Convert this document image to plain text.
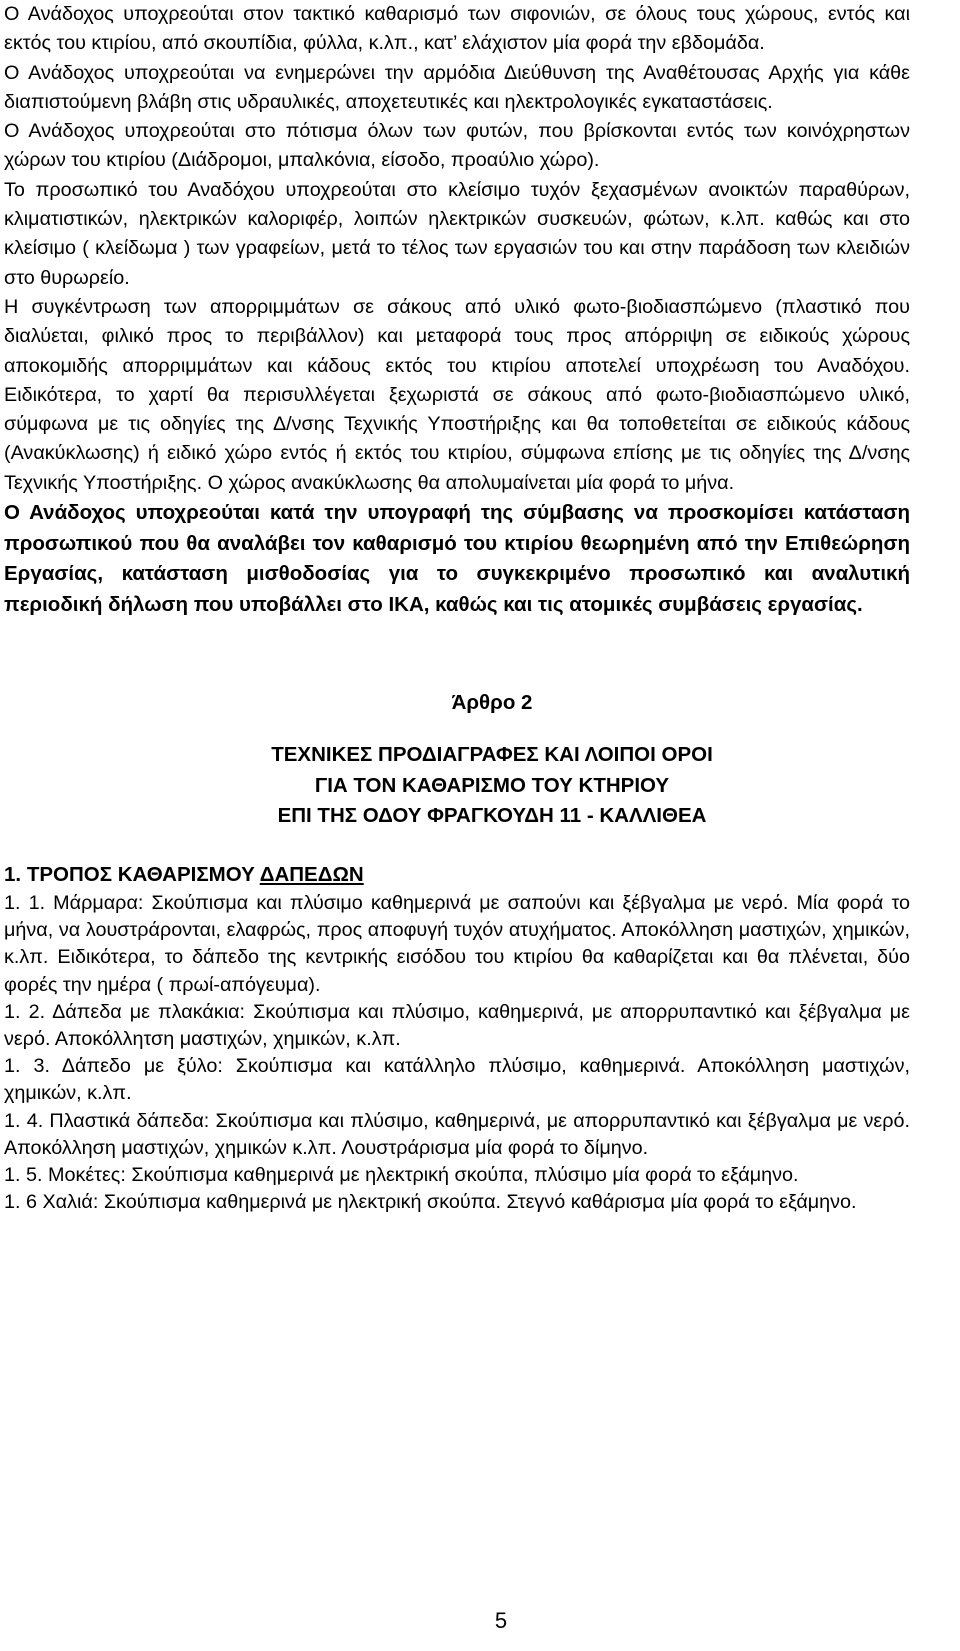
Ο Ανάδοχος υποχρεούται στον τακτικό καθαρισμό των σιφονιών, σε όλους τους χώρους, εντός και εκτός του κτιρίου, από σκουπίδια, φύλλα, κ.λπ., κατ’ ελάχιστον μία φορά την εβδομάδα.

Ο Ανάδοχος υποχρεούται να ενημερώνει την αρμόδια Διεύθυνση της Αναθέτουσας Αρχής για κάθε διαπιστούμενη βλάβη στις υδραυλικές, αποχετευτικές και ηλεκτρολογικές εγκαταστάσεις.

Ο Ανάδοχος υποχρεούται στο πότισμα όλων των φυτών, που βρίσκονται εντός των κοινόχρηστων χώρων του κτιρίου (Διάδρομοι, μπαλκόνια, είσοδο, προαύλιο χώρο).

Το προσωπικό του Αναδόχου υποχρεούται στο κλείσιμο τυχόν ξεχασμένων ανοικτών παραθύρων, κλιματιστικών, ηλεκτρικών καλοριφέρ, λοιπών ηλεκτρικών συσκευών, φώτων, κ.λπ. καθώς και στο κλείσιμο ( κλείδωμα ) των γραφείων, μετά το τέλος των εργασιών του και στην παράδοση των κλειδιών στο θυρωρείο.

Η συγκέντρωση των απορριμμάτων σε σάκους από υλικό φωτο-βιοδιασπώμενο (πλαστικό που διαλύεται, φιλικό προς το περιβάλλον) και μεταφορά τους προς απόρριψη σε ειδικούς χώρους αποκομιδής απορριμμάτων και κάδους εκτός του κτιρίου αποτελεί υποχρέωση του Αναδόχου. Ειδικότερα, το χαρτί θα περισυλλέγεται ξεχωριστά σε σάκους από φωτο-βιοδιασπώμενο υλικό, σύμφωνα με τις οδηγίες της Δ/νσης Τεχνικής Υποστήριξης και θα τοποθετείται σε ειδικούς κάδους (Ανακύκλωσης) ή ειδικό χώρο εντός ή εκτός του κτιρίου, σύμφωνα επίσης με τις οδηγίες της Δ/νσης Τεχνικής Υποστήριξης. Ο χώρος ανακύκλωσης θα απολυμαίνεται μία φορά το μήνα.

Ο Ανάδοχος υποχρεούται κατά την υπογραφή της σύμβασης να προσκομίσει κατάσταση προσωπικού που θα αναλάβει τον καθαρισμό του κτιρίου θεωρημένη από την Επιθεώρηση Εργασίας, κατάσταση μισθοδοσίας για το συγκεκριμένο προσωπικό και αναλυτική περιοδική δήλωση που υποβάλλει στο ΙΚΑ, καθώς και τις ατομικές συμβάσεις εργασίας.

Άρθρο 2

ΤΕΧΝΙΚΕΣ ΠΡΟΔΙΑΓΡΑΦΕΣ ΚΑΙ ΛΟΙΠΟΙ ΟΡΟΙ

ΓΙΑ ΤΟΝ ΚΑΘΑΡΙΣΜΟ ΤΟΥ ΚΤΗΡΙΟΥ

ΕΠΙ ΤΗΣ ΟΔΟΥ ΦΡΑΓΚΟΥΔΗ 11 - ΚΑΛΛΙΘΕΑ

1. ΤΡΟΠΟΣ ΚΑΘΑΡΙΣΜΟΥ ΔΑΠΕΔΩΝ

1. 1. Μάρμαρα: Σκούπισμα και πλύσιμο καθημερινά με σαπούνι και ξέβγαλμα με νερό. Μία φορά το μήνα, να λουστράρονται, ελαφρώς, προς αποφυγή τυχόν ατυχήματος. Αποκόλληση μαστιχών, χημικών, κ.λπ. Ειδικότερα, το δάπεδο της κεντρικής εισόδου του κτιρίου θα καθαρίζεται και θα πλένεται, δύο φορές την ημέρα ( πρωί-απόγευμα).

1. 2. Δάπεδα με πλακάκια: Σκούπισμα και πλύσιμο, καθημερινά, με απορρυπαντικό και ξέβγαλμα με νερό. Αποκόλλητση μαστιχών, χημικών, κ.λπ.

1. 3. Δάπεδο με ξύλο: Σκούπισμα και κατάλληλο πλύσιμο, καθημερινά. Αποκόλληση μαστιχών, χημικών, κ.λπ.

1. 4. Πλαστικά δάπεδα: Σκούπισμα και πλύσιμο, καθημερινά, με απορρυπαντικό και ξέβγαλμα με νερό. Αποκόλληση μαστιχών, χημικών κ.λπ. Λουστράρισμα μία φορά το δίμηνο.

1. 5. Μοκέτες: Σκούπισμα καθημερινά με ηλεκτρική σκούπα, πλύσιμο μία φορά το εξάμηνο.

1. 6 Χαλιά: Σκούπισμα καθημερινά με ηλεκτρική σκούπα. Στεγνό καθάρισμα μία φορά το εξάμηνο.

5
